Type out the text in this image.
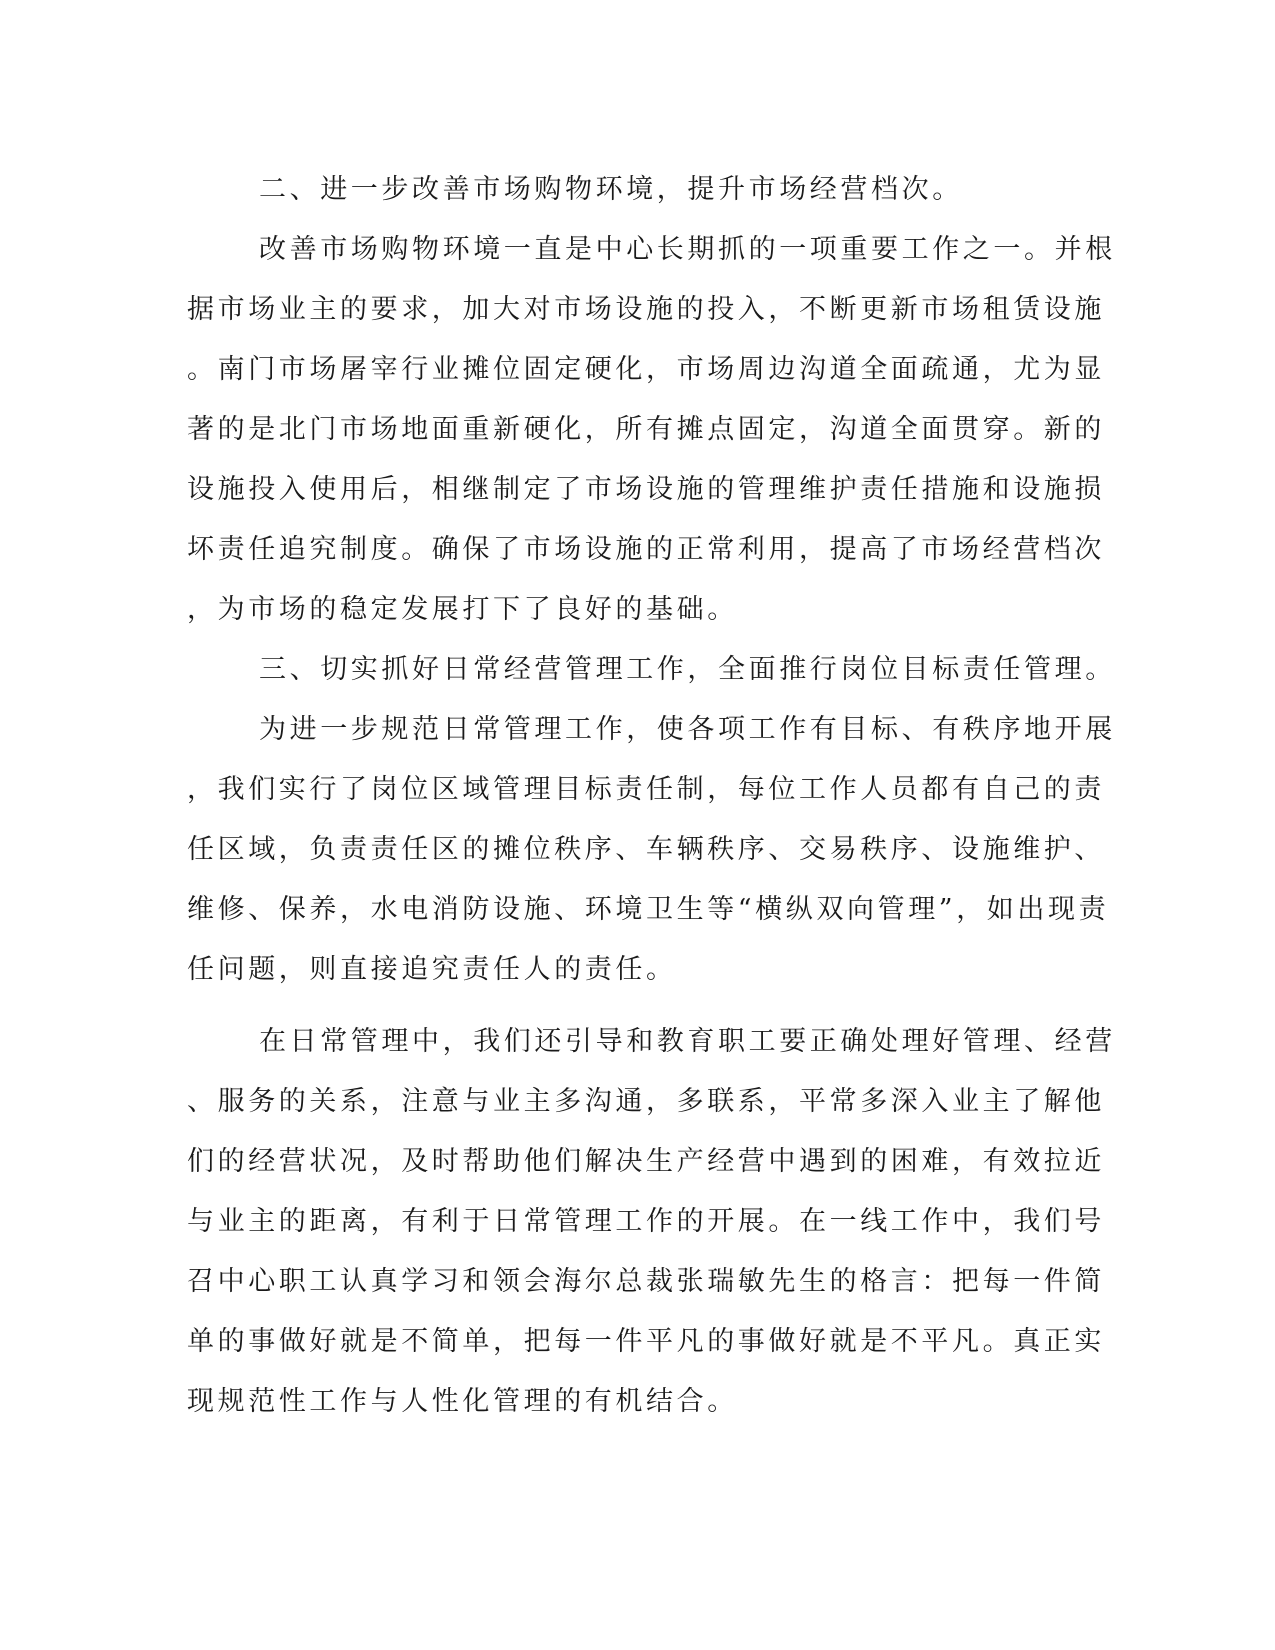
二、进一步改善市场购物环境，提升市场经营档次。

改善市场购物环境一直是中心长期抓的一项重要工作之一。并根

据市场业主的要求，加大对市场设施的投入，不断更新市场租赁设施

。南门市场屠宰行业摊位固定硬化，市场周边沟道全面疏通，尤为显

著的是北门市场地面重新硬化，所有摊点固定，沟道全面贯穿。新的

设施投入使用后，相继制定了市场设施的管理维护责任措施和设施损

坏责任追究制度。确保了市场设施的正常利用，提高了市场经营档次

，为市场的稳定发展打下了良好的基础。

三、切实抓好日常经营管理工作，全面推行岗位目标责任管理。

为进一步规范日常管理工作，使各项工作有目标、有秩序地开展

，我们实行了岗位区域管理目标责任制，每位工作人员都有自己的责

任区域，负责责任区的摊位秩序、车辆秩序、交易秩序、设施维护、

维修、保养，水电消防设施、环境卫生等“横纵双向管理”，如出现责

任问题，则直接追究责任人的责任。

在日常管理中，我们还引导和教育职工要正确处理好管理、经营

、服务的关系，注意与业主多沟通，多联系，平常多深入业主了解他

们的经营状况，及时帮助他们解决生产经营中遇到的困难，有效拉近

与业主的距离，有利于日常管理工作的开展。在一线工作中，我们号

召中心职工认真学习和领会海尔总裁张瑞敏先生的格言：把每一件简

单的事做好就是不简单，把每一件平凡的事做好就是不平凡。真正实

现规范性工作与人性化管理的有机结合。
